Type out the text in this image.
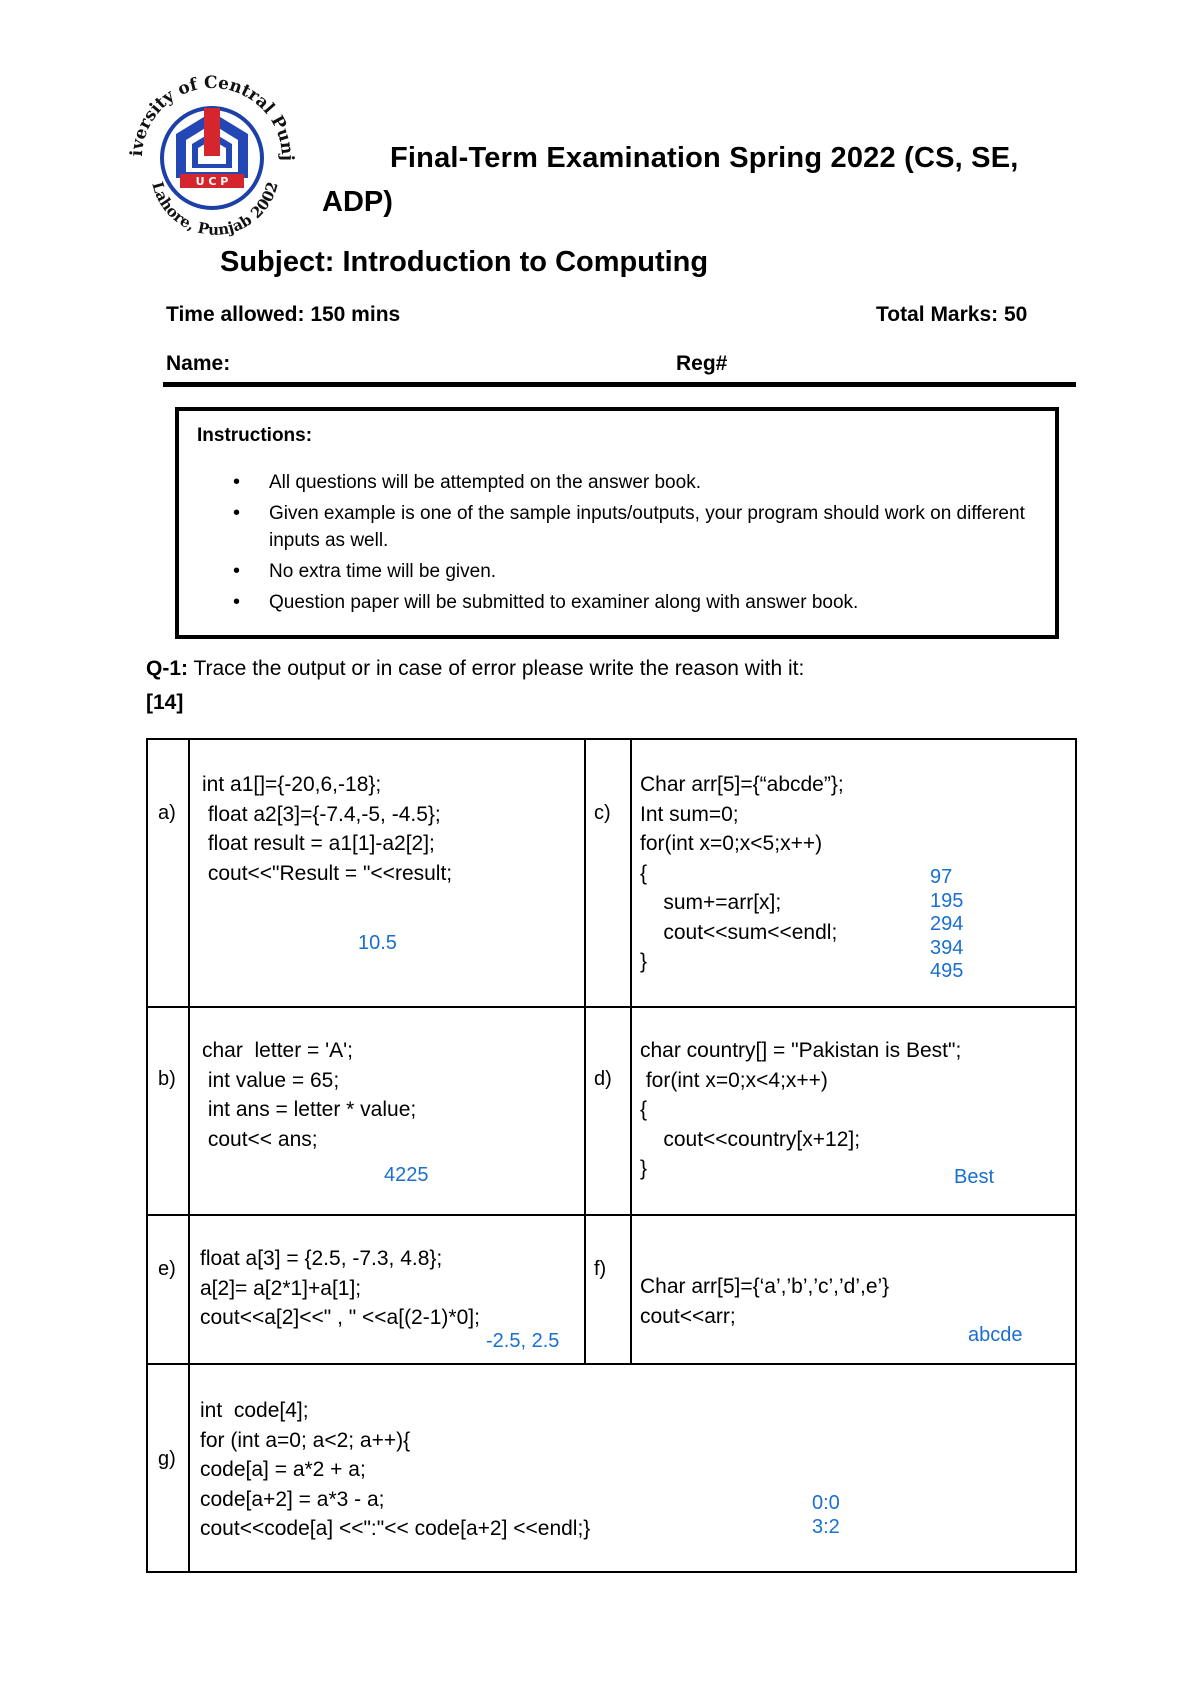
iversity of Central Punj
Lahore, Punjab 2002
U C P
Final-Term Examination Spring 2022 (CS, SE,
ADP)
Subject: Introduction to Computing
Time allowed: 150 mins	Total Marks: 50
Name:	Reg#
Instructions:
• All questions will be attempted on the answer book.
• Given example is one of the sample inputs/outputs, your program should work on different inputs as well.
• No extra time will be given.
• Question paper will be submitted to examiner along with answer book.
Q-1: Trace the output or in case of error please write the reason with it:
[14]
a)
int a1[]={-20,6,-18};
float a2[3]={-7.4,-5, -4.5};
float result = a1[1]-a2[2];
cout<<"Result = "<<result;
10.5
c)
Char arr[5]={“abcde”};
Int sum=0;
for(int x=0;x<5;x++)
{
sum+=arr[x];
cout<<sum<<endl;
}
97
195
294
394
495
b)
char  letter = 'A';
int value = 65;
int ans = letter * value;
cout<< ans;
4225
d)
char country[] = "Pakistan is Best";
for(int x=0;x<4;x++)
{
cout<<country[x+12];
}	Best
e) float a[3] = {2.5, -7.3, 4.8};
a[2]= a[2*1]+a[1];
cout<<a[2]<<" , " <<a[(2-1)*0];
-2.5, 2.5
f)
Char arr[5]={‘a’,’b’,’c’,’d’,e’}
cout<<arr;
abcde
g)
int  code[4];
for (int a=0; a<2; a++){
code[a] = a*2 + a;
code[a+2] = a*3 - a;
cout<<code[a] <<":"<< code[a+2] <<endl;}
0:0
3:2
